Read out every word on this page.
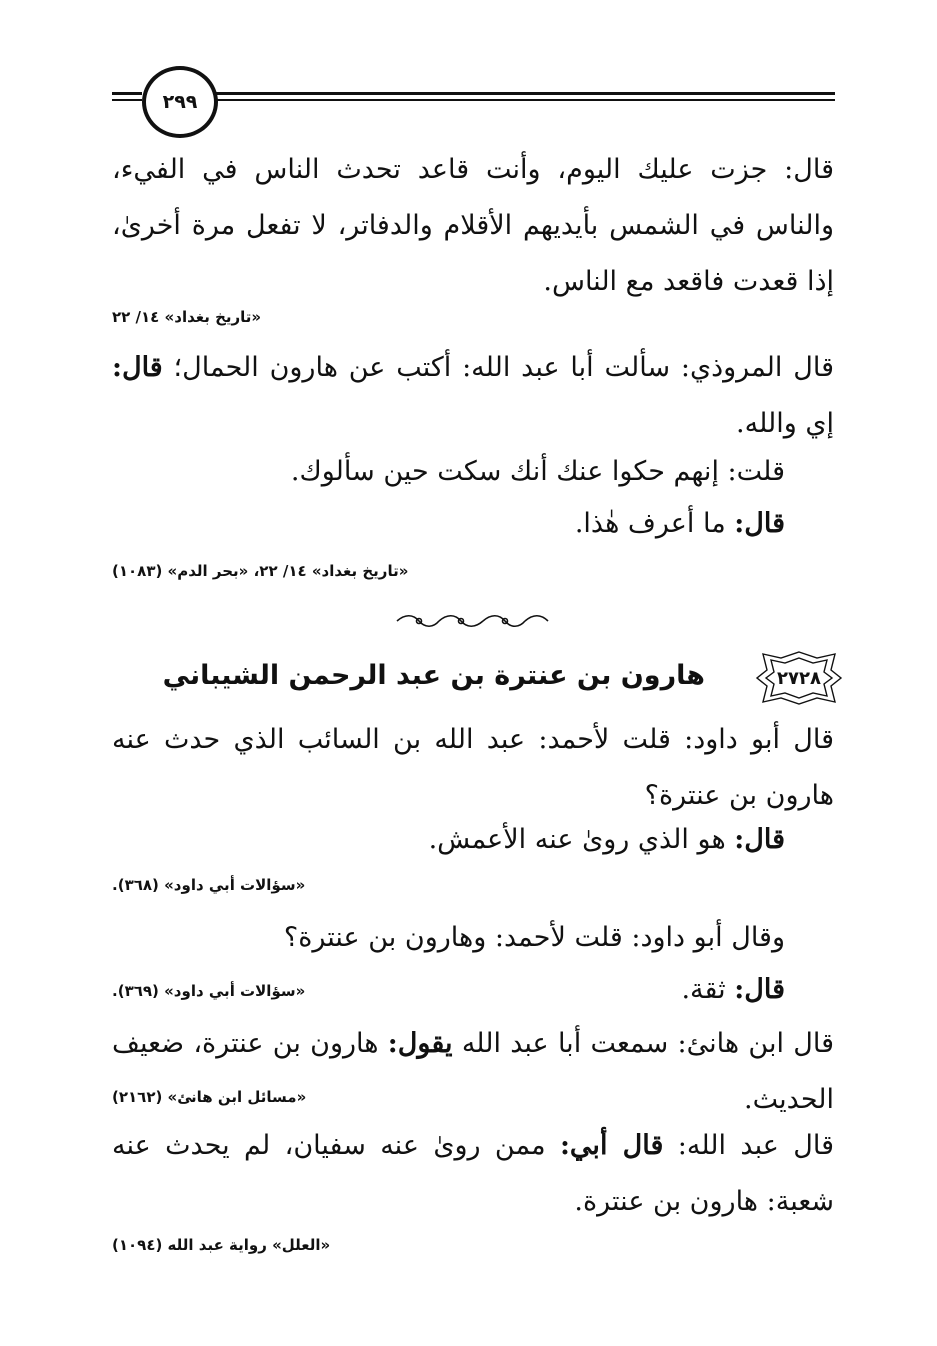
٢٩٩
قال: جزت عليك اليوم، وأنت قاعد تحدث الناس في الفيء، والناس في الشمس بأيديهم الأقلام والدفاتر، لا تفعل مرة أخرىٰ، إذا قعدت فاقعد مع الناس.
«تاريخ بغداد» ١٤/ ٢٢
قال المروذي: سألت أبا عبد الله: أكتب عن هارون الحمال؛ قال: إي والله.
قلت: إنهم حكوا عنك أنك سكت حين سألوك.
قال: ما أعرف هٰذا.
«تاريخ بغداد» ١٤/ ٢٢، «بحر الدم» (١٠٨٣)
٢٧٢٨
هارون بن عنترة بن عبد الرحمن الشيباني
قال أبو داود: قلت لأحمد: عبد الله بن السائب الذي حدث عنه هارون بن عنترة؟
قال: هو الذي روىٰ عنه الأعمش.
«سؤالات أبي داود» (٣٦٨).
وقال أبو داود: قلت لأحمد: وهارون بن عنترة؟
قال: ثقة.
«سؤالات أبي داود» (٣٦٩).
قال ابن هانئ: سمعت أبا عبد الله يقول: هارون بن عنترة، ضعيف الحديث.
«مسائل ابن هانئ» (٢١٦٢)
قال عبد الله: قال أبي: ممن روىٰ عنه سفيان، لم يحدث عنه شعبة: هارون بن عنترة.
«العلل» رواية عبد الله (١٠٩٤)
